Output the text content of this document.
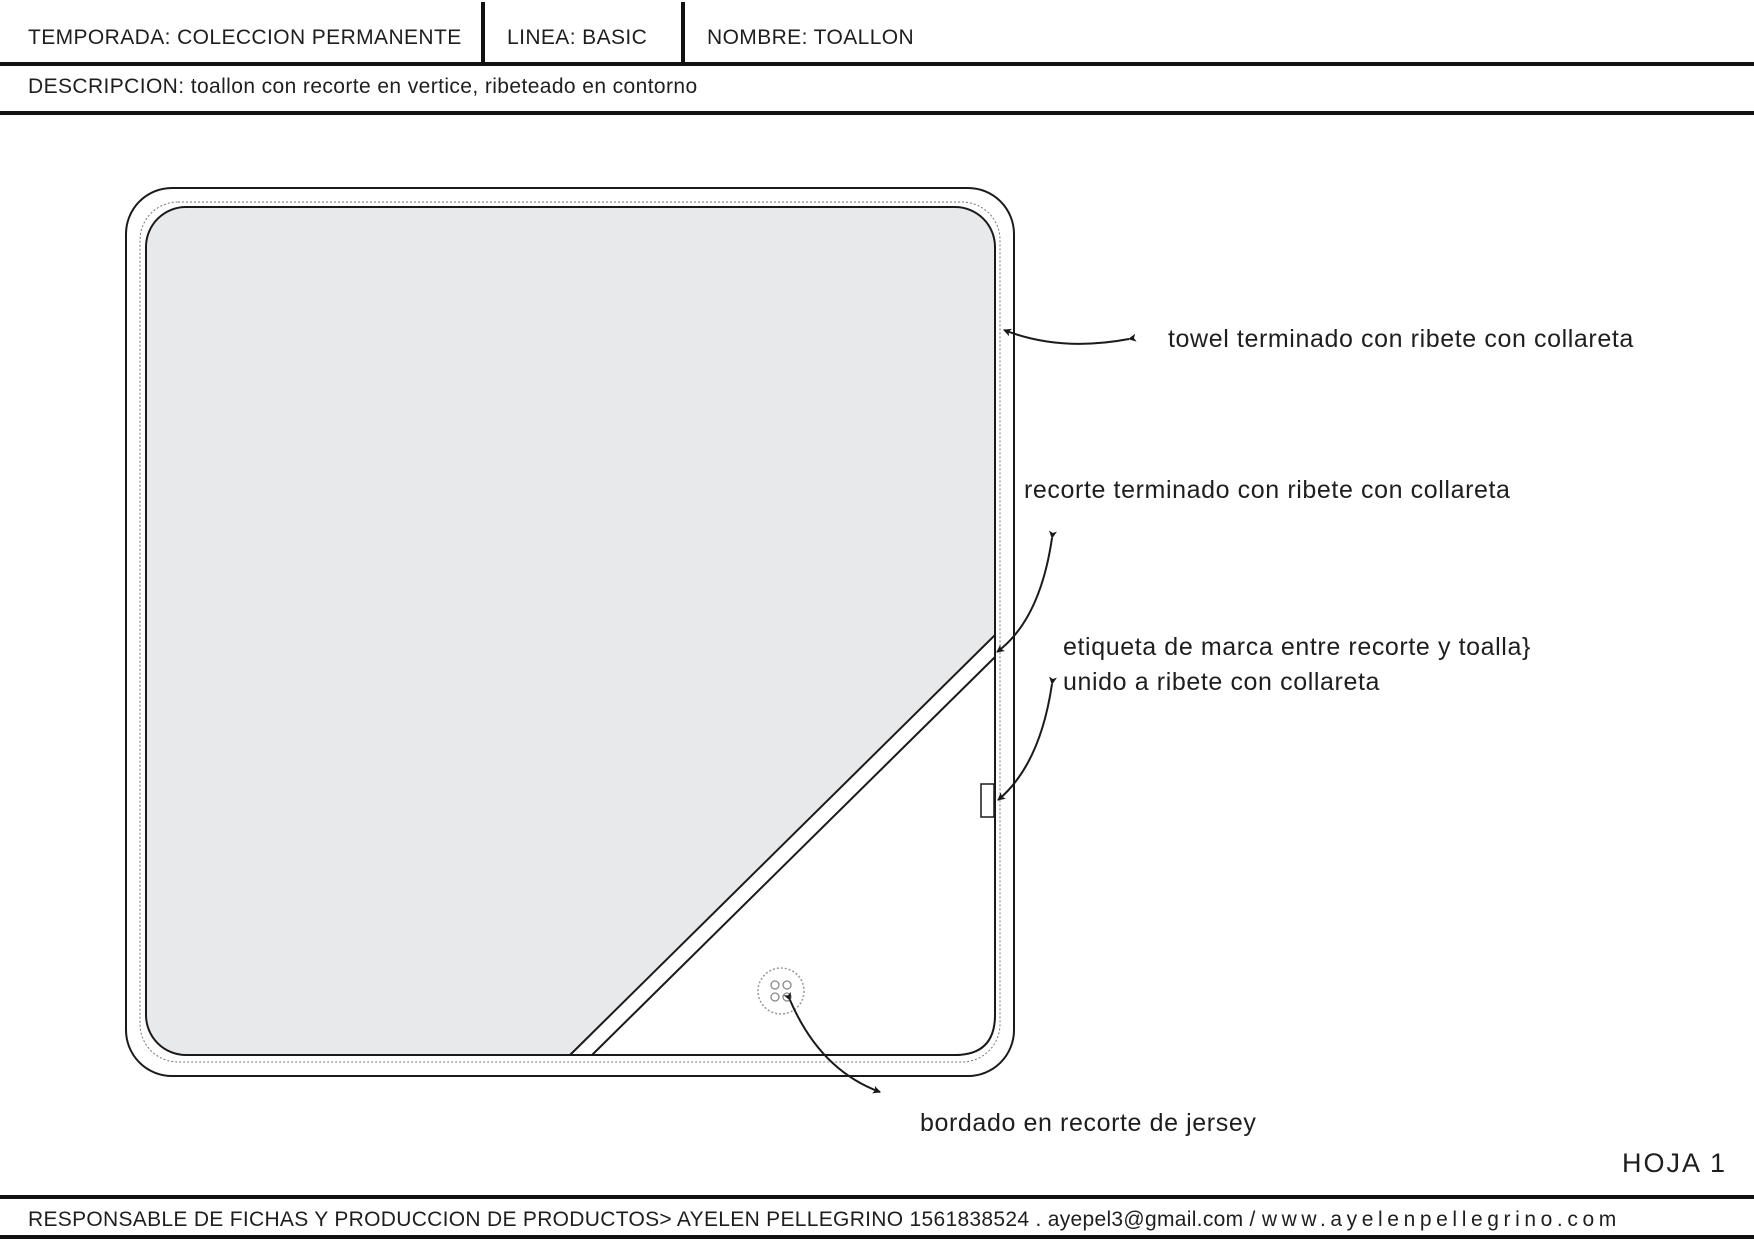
TEMPORADA: COLECCION PERMANENTE LINEA: BASIC	NOMBRE: TOALLON
DESCRIPCION: toallon con recorte en vertice, ribeteado en contorno
towel terminado con ribete con collareta
recorte terminado con ribete con collareta
etiqueta de marca entre recorte y toalla}
unido a ribete con collareta
bordado en recorte de jersey
HOJA 1
RESPONSABLE DE FICHAS Y PRODUCCION DE PRODUCTOS> AYELEN PELLEGRINO 1561838524 . ayepel3@gmail.com / www.ayelenpellegrino.com
